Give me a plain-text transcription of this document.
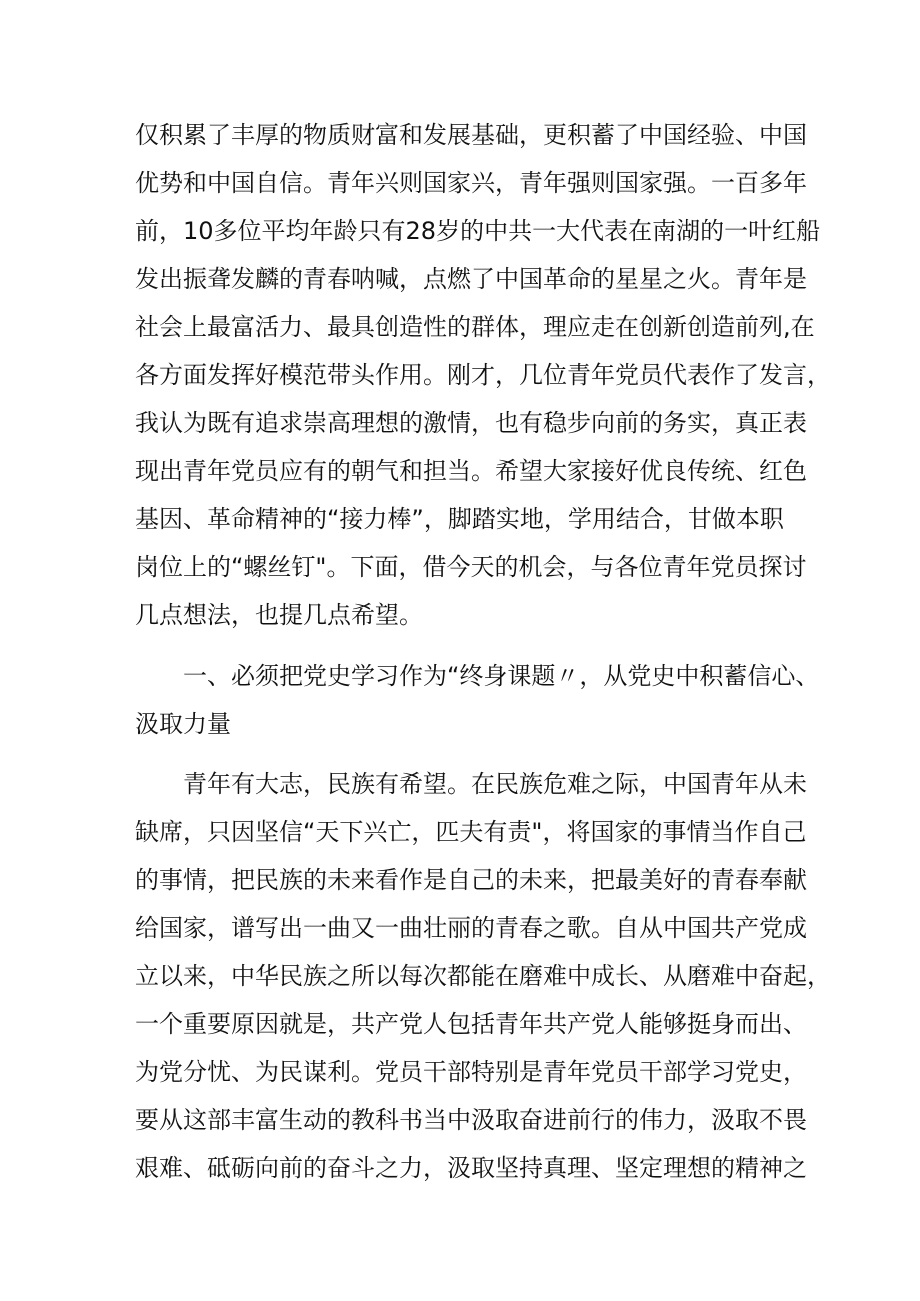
仅积累了丰厚的物质财富和发展基础，更积蓄了中国经验、中国
优势和中国自信。青年兴则国家兴，青年强则国家强。一百多年
前，10多位平均年龄只有28岁的中共一大代表在南湖的一叶红船
发出振聋发麟的青春呐喊，点燃了中国革命的星星之火。青年是
社会上最富活力、最具创造性的群体，理应走在创新创造前列,在
各方面发挥好模范带头作用。刚才，几位青年党员代表作了发言，
我认为既有追求崇高理想的激情，也有稳步向前的务实，真正表
现出青年党员应有的朝气和担当。希望大家接好优良传统、红色
基因、革命精神的“接力棒”，脚踏实地，学用结合，甘做本职
岗位上的“螺丝钉"。下面，借今天的机会，与各位青年党员探讨
几点想法，也提几点希望。
一、必须把党史学习作为“终身课题〃，从党史中积蓄信心、
汲取力量
青年有大志，民族有希望。在民族危难之际，中国青年从未
缺席，只因坚信“天下兴亡，匹夫有责"，将国家的事情当作自己
的事情，把民族的未来看作是自己的未来，把最美好的青春奉献
给国家，谱写出一曲又一曲壮丽的青春之歌。自从中国共产党成
立以来，中华民族之所以每次都能在磨难中成长、从磨难中奋起，
一个重要原因就是，共产党人包括青年共产党人能够挺身而出、
为党分忧、为民谋利。党员干部特别是青年党员干部学习党史，
要从这部丰富生动的教科书当中汲取奋进前行的伟力，汲取不畏
艰难、砥砺向前的奋斗之力，汲取坚持真理、坚定理想的精神之
